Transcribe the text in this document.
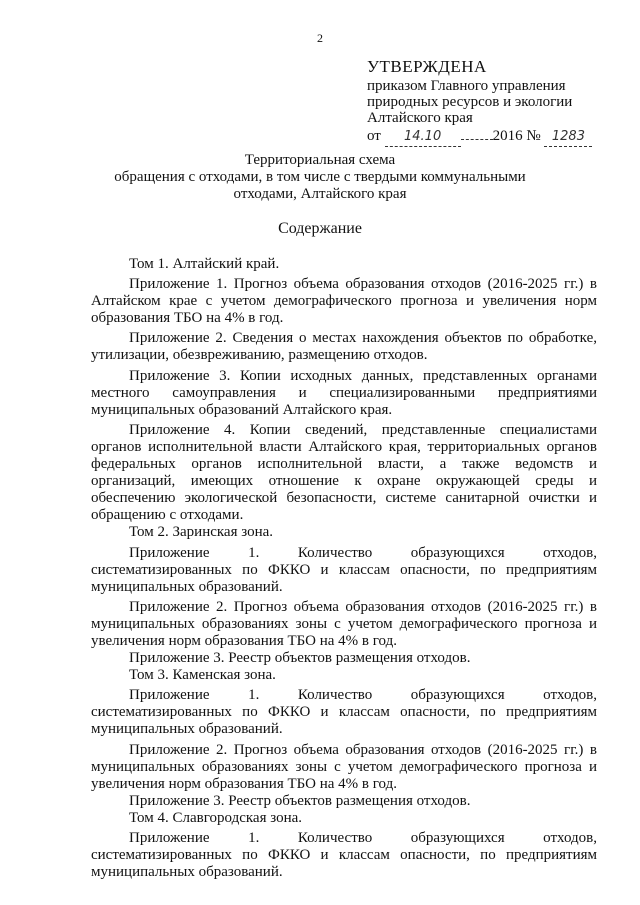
2
УТВЕРЖДЕНА
приказом Главного управления
природных ресурсов и экологии
Алтайского края
от 14.10	2016 № 1283
Территориальная схема
обращения с отходами, в том числе с твердыми коммунальными
отходами, Алтайского края
Содержание

Том 1. Алтайский край.

Приложение 1. Прогноз объема образования отходов (2016-2025 гг.) в Алтайском крае с учетом демографического прогноза и увеличения норм образования ТБО на 4% в год.

Приложение 2. Сведения о местах нахождения объектов по обработке, утилизации, обезвреживанию, размещению отходов.

Приложение 3. Копии исходных данных, представленных органами местного самоуправления и специализированными предприятиями муниципальных образований Алтайского края.

Приложение 4. Копии сведений, представленные специалистами органов исполнительной власти Алтайского края, территориальных органов федеральных органов исполнительной власти, а также ведомств и организаций, имеющих отношение к охране окружающей среды и обеспечению экологической безопасности, системе санитарной очистки и обращению с отходами.

Том 2. Заринская зона.

Приложение 1. Количество образующихся отходов, систематизированных по ФККО и классам опасности, по предприятиям муниципальных образований.

Приложение 2. Прогноз объема образования отходов (2016-2025 гг.) в муниципальных образованиях зоны с учетом демографического прогноза и увеличения норм образования ТБО на 4% в год.

Приложение 3. Реестр объектов размещения отходов.

Том 3. Каменская зона.

Приложение 1. Количество образующихся отходов, систематизированных по ФККО и классам опасности, по предприятиям муниципальных образований.

Приложение 2. Прогноз объема образования отходов (2016-2025 гг.) в муниципальных образованиях зоны с учетом демографического прогноза и увеличения норм образования ТБО на 4% в год.

Приложение 3. Реестр объектов размещения отходов.

Том 4. Славгородская зона.

Приложение 1. Количество образующихся отходов, систематизированных по ФККО и классам опасности, по предприятиям муниципальных образований.
